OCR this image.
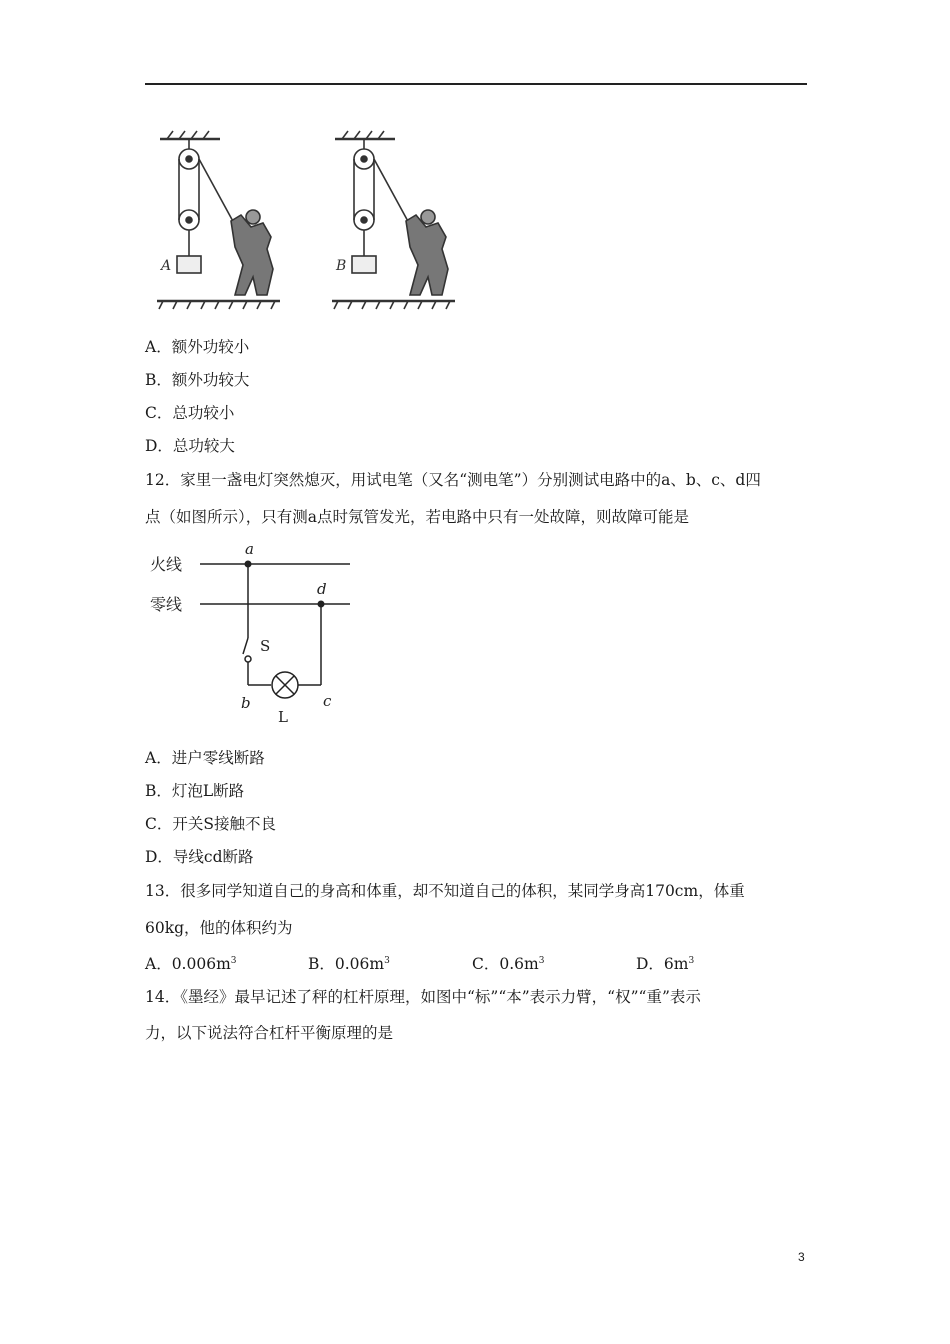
A	B
A．额外功较小
B．额外功较大
C．总功较小
D．总功较大
12．家里一盏电灯突然熄灭，用试电笔（又名“测电笔”）分别测试电路中的a、b、c、d四
点（如图所示），只有测a点时氖管发光，若电路中只有一处故障，则故障可能是
火线
零线
a
d
S
b	c
L
A．进户零线断路
B．灯泡L断路
C．开关S接触不良
D．导线cd断路
13．很多同学知道自己的身高和体重，却不知道自己的体积，某同学身高170cm，体重
60kg，他的体积约为
A．$0.006m^3$	B．$0.06m^3$	C．$0.6m^3$	D．$6m^3$
14．《墨经》最早记述了秤的杠杆原理，如图中“标”“本”表示力臂，“权”“重”表示
力，以下说法符合杠杆平衡原理的是
3
